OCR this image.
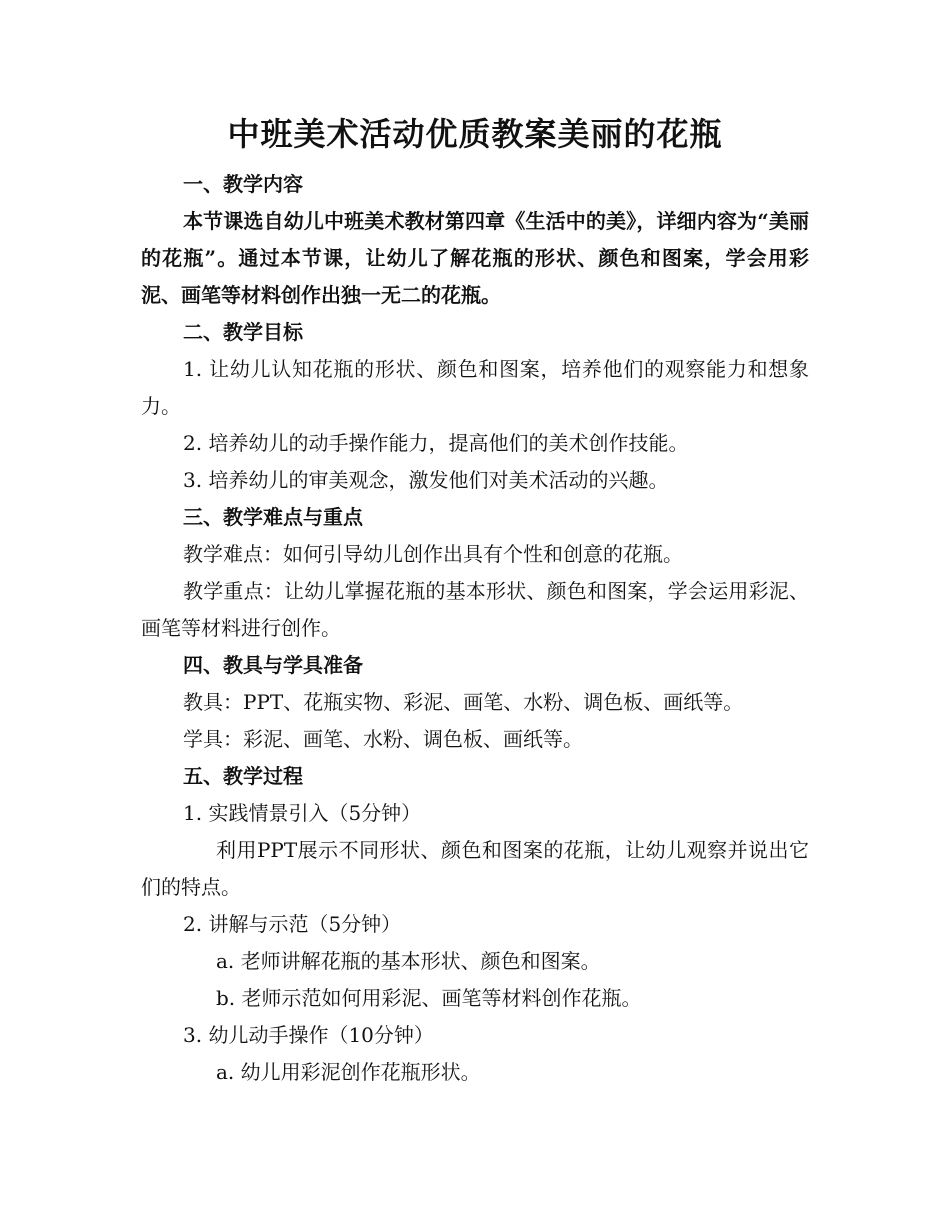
中班美术活动优质教案美丽的花瓶

一、教学内容

本节课选自幼儿中班美术教材第四章《生活中的美》，详细内容为“美丽的花瓶”。通过本节课，让幼儿了解花瓶的形状、颜色和图案，学会用彩泥、画笔等材料创作出独一无二的花瓶。

二、教学目标

1. 让幼儿认知花瓶的形状、颜色和图案，培养他们的观察能力和想象力。

2. 培养幼儿的动手操作能力，提高他们的美术创作技能。

3. 培养幼儿的审美观念，激发他们对美术活动的兴趣。

三、教学难点与重点

教学难点：如何引导幼儿创作出具有个性和创意的花瓶。

教学重点：让幼儿掌握花瓶的基本形状、颜色和图案，学会运用彩泥、画笔等材料进行创作。

四、教具与学具准备

教具：PPT、花瓶实物、彩泥、画笔、水粉、调色板、画纸等。

学具：彩泥、画笔、水粉、调色板、画纸等。

五、教学过程

1. 实践情景引入（5分钟）

利用PPT展示不同形状、颜色和图案的花瓶，让幼儿观察并说出它们的特点。

2. 讲解与示范（5分钟）

a. 老师讲解花瓶的基本形状、颜色和图案。

b. 老师示范如何用彩泥、画笔等材料创作花瓶。

3. 幼儿动手操作（10分钟）

a. 幼儿用彩泥创作花瓶形状。
